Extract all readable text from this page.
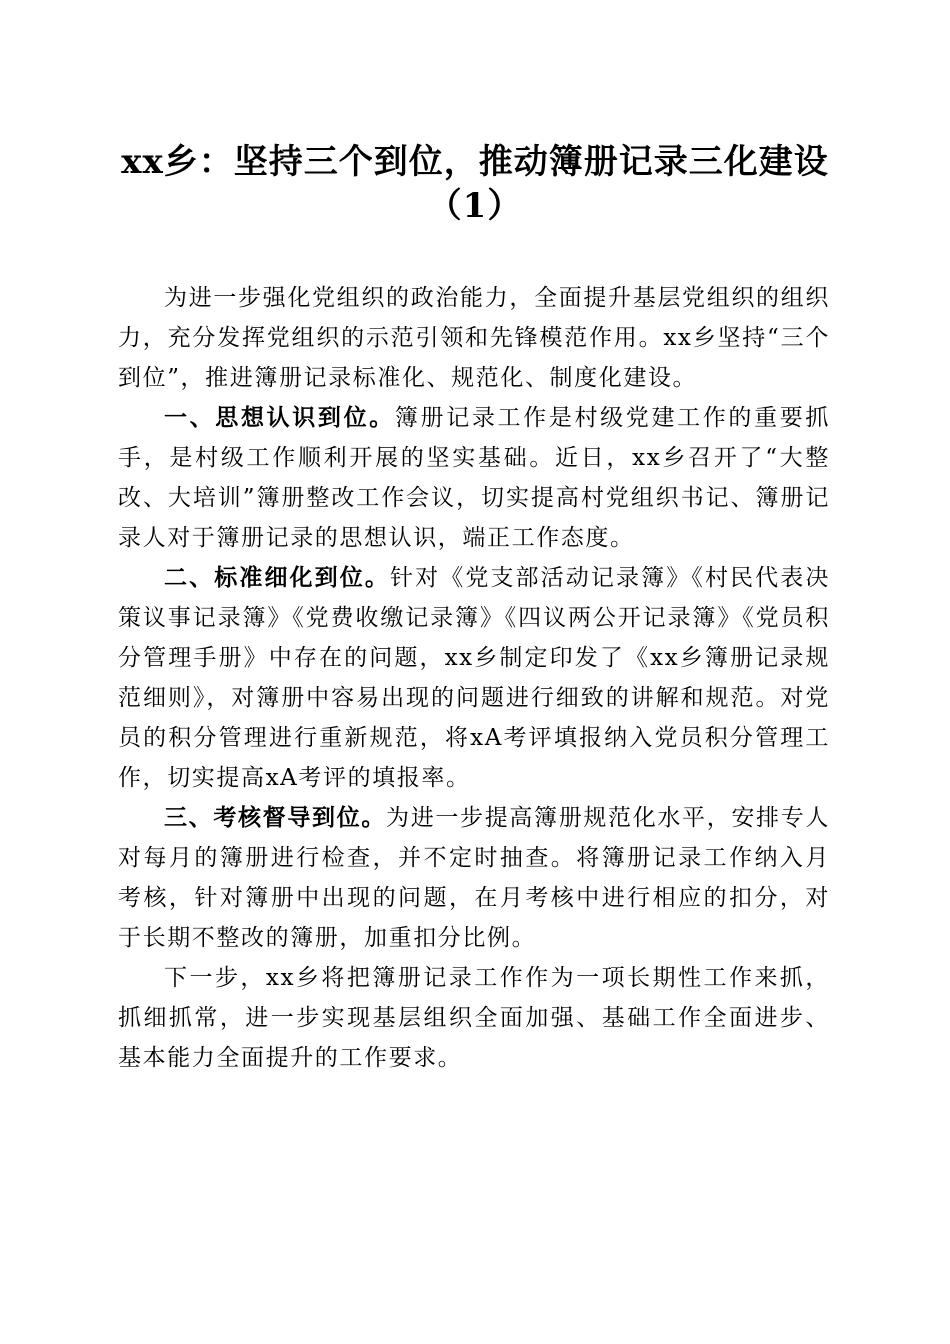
xx乡：坚持三个到位，推动簿册记录三化建设（1）

为进一步强化党组织的政治能力，全面提升基层党组织的组织力，充分发挥党组织的示范引领和先锋模范作用。xx乡坚持“三个到位”，推进簿册记录标准化、规范化、制度化建设。

一、思想认识到位。簿册记录工作是村级党建工作的重要抓手，是村级工作顺利开展的坚实基础。近日，xx乡召开了“大整改、大培训”簿册整改工作会议，切实提高村党组织书记、簿册记录人对于簿册记录的思想认识，端正工作态度。

二、标准细化到位。针对《党支部活动记录簿》《村民代表决策议事记录簿》《党费收缴记录簿》《四议两公开记录簿》《党员积分管理手册》中存在的问题，xx乡制定印发了《xx乡簿册记录规范细则》，对簿册中容易出现的问题进行细致的讲解和规范。对党员的积分管理进行重新规范，将xA考评填报纳入党员积分管理工作，切实提高xA考评的填报率。

三、考核督导到位。为进一步提高簿册规范化水平，安排专人对每月的簿册进行检查，并不定时抽查。将簿册记录工作纳入月考核，针对簿册中出现的问题，在月考核中进行相应的扣分，对于长期不整改的簿册，加重扣分比例。

下一步，xx乡将把簿册记录工作作为一项长期性工作来抓，抓细抓常，进一步实现基层组织全面加强、基础工作全面进步、基本能力全面提升的工作要求。
